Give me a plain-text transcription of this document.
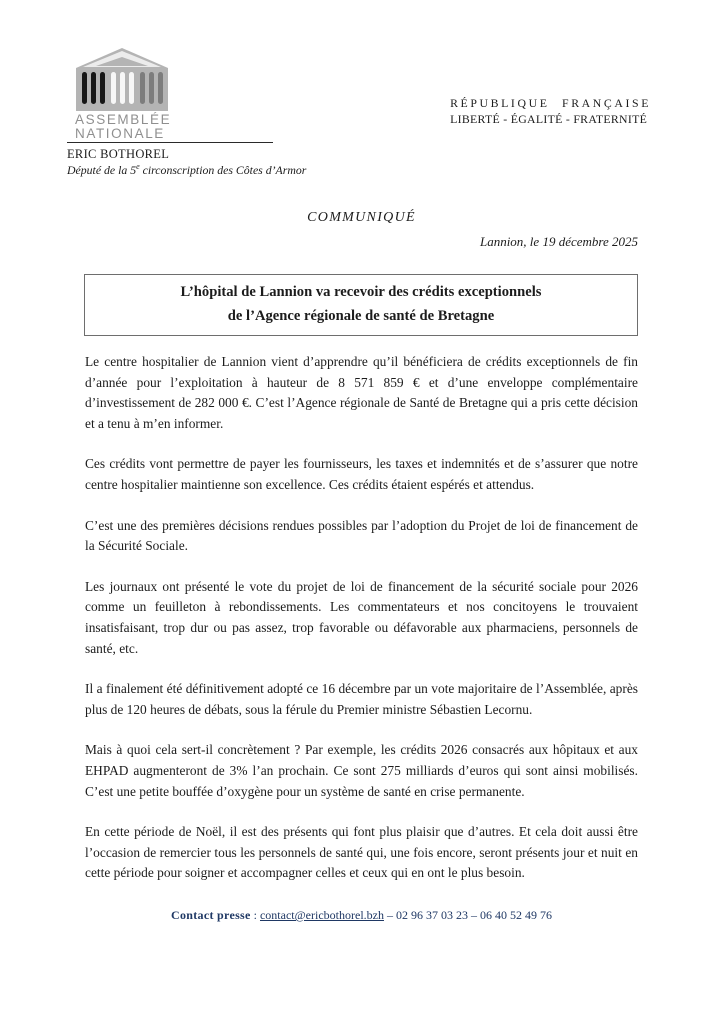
ASSEMBLÉE
NATIONALE
ERIC BOTHOREL
Député de la 5e circonscription des Côtes d’Armor
RÉPUBLIQUE FRANÇAISE
LIBERTÉ - ÉGALITÉ - FRATERNITÉ
COMMUNIQUÉ
Lannion, le 19 décembre 2025
L’hôpital de Lannion va recevoir des crédits exceptionnels
de l’Agence régionale de santé de Bretagne

Le centre hospitalier de Lannion vient d’apprendre qu’il bénéficiera de crédits exceptionnels de fin d’année pour l’exploitation à hauteur de 8 571 859 € et d’une enveloppe complémentaire d’investissement de 282 000 €. C’est l’Agence régionale de Santé de Bretagne qui a pris cette décision et a tenu à m’en informer.

Ces crédits vont permettre de payer les fournisseurs, les taxes et indemnités et de s’assurer que notre centre hospitalier maintienne son excellence. Ces crédits étaient espérés et attendus.

C’est une des premières décisions rendues possibles par l’adoption du Projet de loi de financement de la Sécurité Sociale.

Les journaux ont présenté le vote du projet de loi de financement de la sécurité sociale pour 2026 comme un feuilleton à rebondissements. Les commentateurs et nos concitoyens le trouvaient insatisfaisant, trop dur ou pas assez, trop favorable ou défavorable aux pharmaciens, personnels de santé, etc.

Il a finalement été définitivement adopté ce 16 décembre par un vote majoritaire de l’Assemblée, après plus de 120 heures de débats, sous la férule du Premier ministre Sébastien Lecornu.

Mais à quoi cela sert-il concrètement ? Par exemple, les crédits 2026 consacrés aux hôpitaux et aux EHPAD augmenteront de 3% l’an prochain. Ce sont 275 milliards d’euros qui sont ainsi mobilisés. C’est une petite bouffée d’oxygène pour un système de santé en crise permanente.

En cette période de Noël, il est des présents qui font plus plaisir que d’autres. Et cela doit aussi être l’occasion de remercier tous les personnels de santé qui, une fois encore, seront présents jour et nuit en cette période pour soigner et accompagner celles et ceux qui en ont le plus besoin.

Contact presse : contact@ericbothorel.bzh – 02 96 37 03 23 – 06 40 52 49 76
